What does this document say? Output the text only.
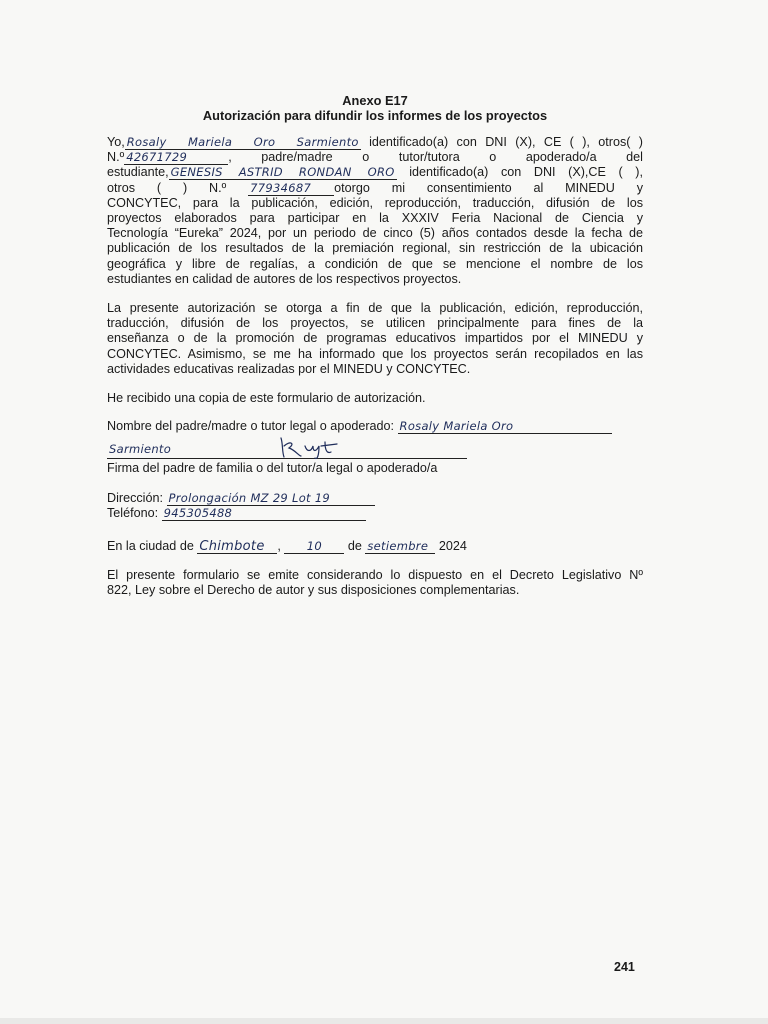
Anexo E17
Autorización para difundir los informes de los proyectos
Yo, Rosaly Mariela Oro Sarmiento identificado(a) con DNI (X), CE ( ), otros( )
N.º 42671729	, padre/madre o tutor/tutora o apoderado/a del
estudiante, GENESIS ASTRID RONDAN ORO identificado(a) con DNI (X),CE ( ),
otros ( ) N.º 77934687 otorgo mi consentimiento al MINEDU y
CONCYTEC, para la publicación, edición, reproducción, traducción, difusión de los
proyectos elaborados para participar en la XXXIV Feria Nacional de Ciencia y
Tecnología “Eureka” 2024, por un periodo de cinco (5) años contados desde la fecha de
publicación de los resultados de la premiación regional, sin restricción de la ubicación
geográfica y libre de regalías, a condición de que se mencione el nombre de los
estudiantes en calidad de autores de los respectivos proyectos.
La presente autorización se otorga a fin de que la publicación, edición, reproducción,
traducción, difusión de los proyectos, se utilicen principalmente para fines de la
enseñanza o de la promoción de programas educativos impartidos por el MINEDU y
CONCYTEC. Asimismo, se me ha informado que los proyectos serán recopilados en las
actividades educativas realizadas por el MINEDU y CONCYTEC.
He recibido una copia de este formulario de autorización.
Nombre del padre/madre o tutor legal o apoderado: Rosaly Mariela Oro
Sarmiento
Firma del padre de familia o del tutor/a legal o apoderado/a
Dirección: Prolongación MZ 29 Lot 19
Teléfono: 945305488
En la ciudad de Chimbote , 10 de setiembre 2024
El presente formulario se emite considerando lo dispuesto en el Decreto Legislativo Nº
822, Ley sobre el Derecho de autor y sus disposiciones complementarias.
241
